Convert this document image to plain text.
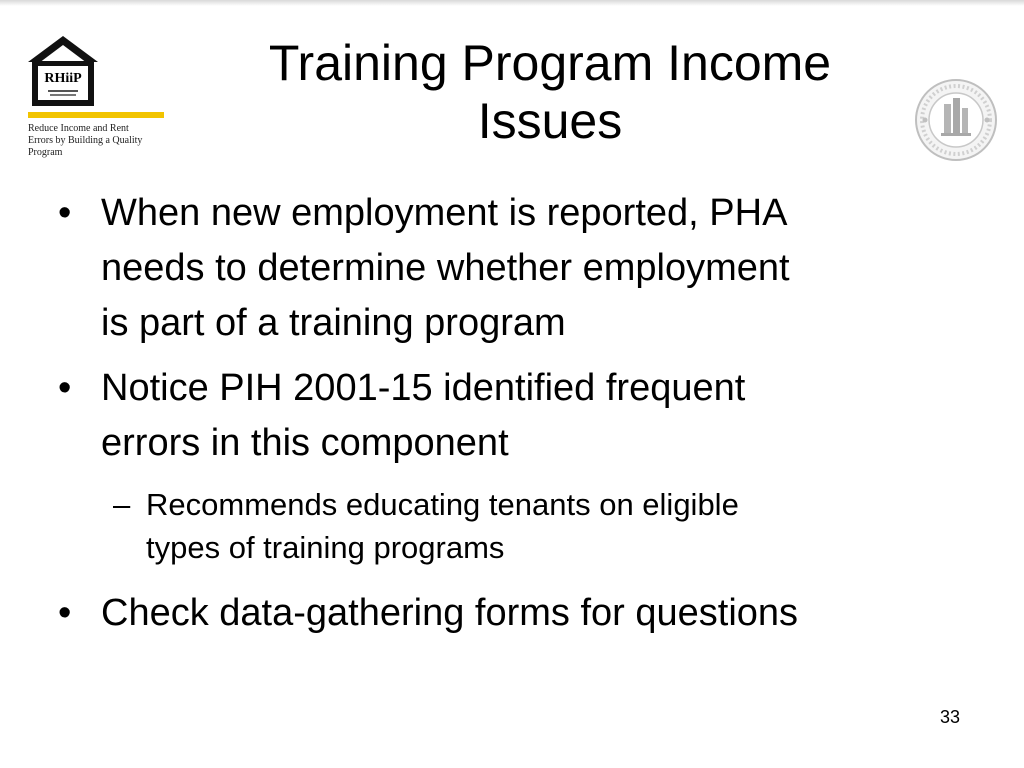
RHiiP
Reduce Income and Rent
Errors by Building a Quality
Program
Training Program Income Issues
• When new employment is reported, PHA
needs to determine whether employment
is part of a training program
• Notice PIH 2001-15 identified frequent
errors in this component
– Recommends educating tenants on eligible
types of training programs
• Check data-gathering forms for questions
33
